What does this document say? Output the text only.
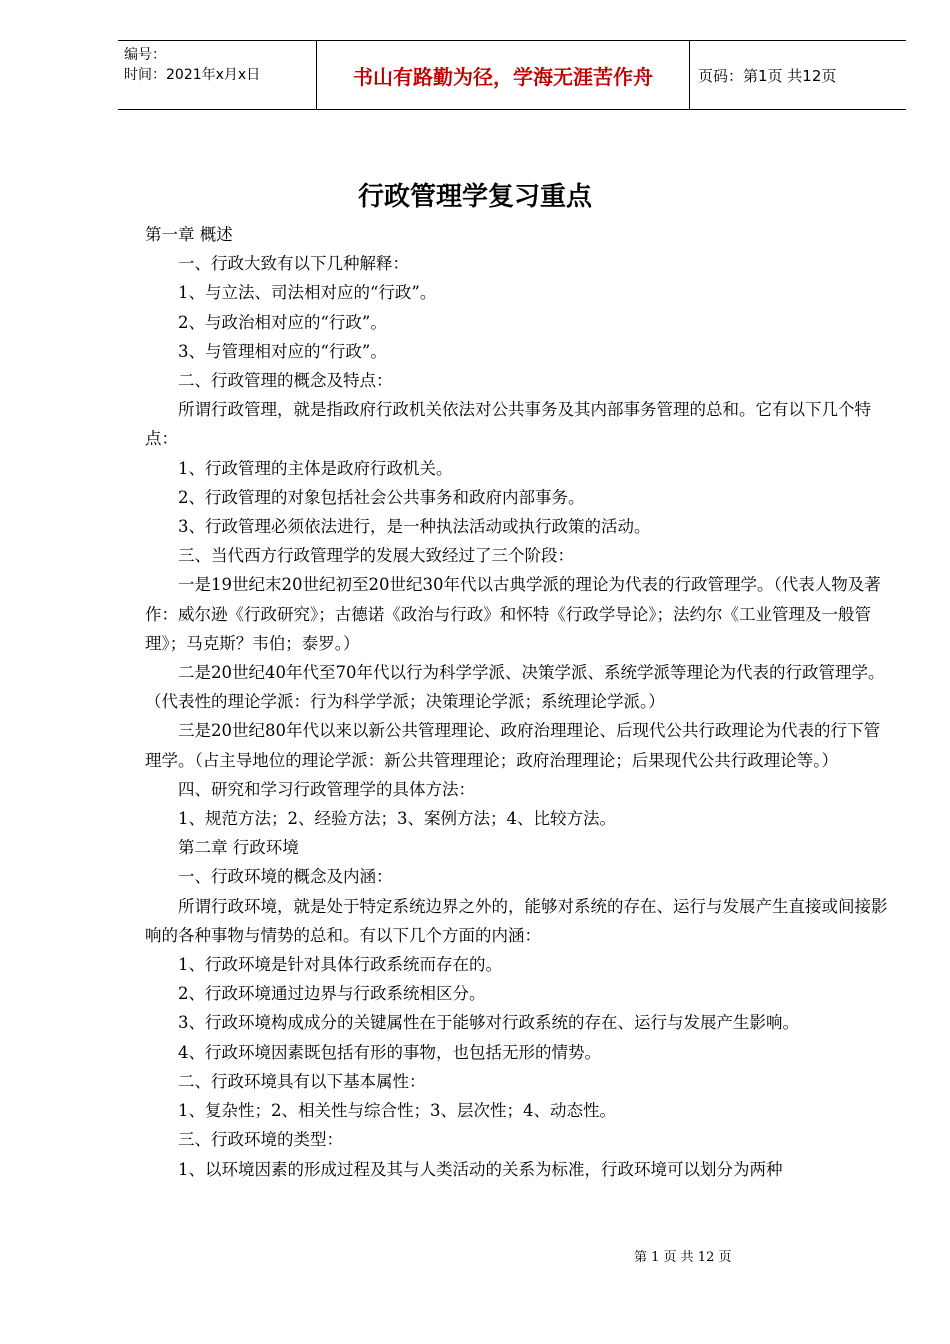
编号：
时间：2021年x月x日	书山有路勤为径，学海无涯苦作舟	页码：第1页 共12页
行政管理学复习重点

第一章 概述

一、行政大致有以下几种解释：

1、与立法、司法相对应的“行政”。

2、与政治相对应的“行政”。

3、与管理相对应的“行政”。

二、行政管理的概念及特点：

所谓行政管理，就是指政府行政机关依法对公共事务及其内部事务管理的总和。它有以下几个特点：

1、行政管理的主体是政府行政机关。

2、行政管理的对象包括社会公共事务和政府内部事务。

3、行政管理必须依法进行，是一种执法活动或执行政策的活动。

三、当代西方行政管理学的发展大致经过了三个阶段：

一是19世纪末20世纪初至20世纪30年代以古典学派的理论为代表的行政管理学。（代表人物及著作：威尔逊《行政研究》；古德诺《政治与行政》和怀特《行政学导论》；法约尔《工业管理及一般管理》；马克斯？韦伯；泰罗。）

二是20世纪40年代至70年代以行为科学学派、决策学派、系统学派等理论为代表的行政管理学。（代表性的理论学派：行为科学学派；决策理论学派；系统理论学派。）

三是20世纪80年代以来以新公共管理理论、政府治理理论、后现代公共行政理论为代表的行下管理学。（占主导地位的理论学派：新公共管理理论；政府治理理论；后果现代公共行政理论等。）

四、研究和学习行政管理学的具体方法：

1、规范方法；2、经验方法；3、案例方法；4、比较方法。

第二章 行政环境

一、行政环境的概念及内涵：

所谓行政环境，就是处于特定系统边界之外的，能够对系统的存在、运行与发展产生直接或间接影响的各种事物与情势的总和。有以下几个方面的内涵：

1、行政环境是针对具体行政系统而存在的。

2、行政环境通过边界与行政系统相区分。

3、行政环境构成成分的关键属性在于能够对行政系统的存在、运行与发展产生影响。

4、行政环境因素既包括有形的事物，也包括无形的情势。

二、行政环境具有以下基本属性：

1、复杂性；2、相关性与综合性；3、层次性；4、动态性。

三、行政环境的类型：

1、以环境因素的形成过程及其与人类活动的关系为标准，行政环境可以划分为两种

第 1 页 共 12 页
